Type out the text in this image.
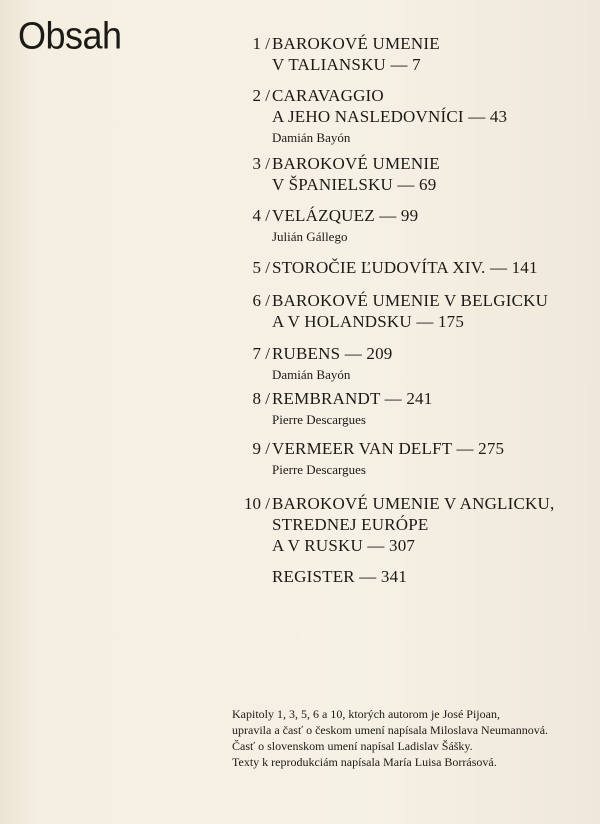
Obsah	1 / BAROKOVÉ UMENIE
V TALIANSKU — 7
2 / CARAVAGGIO
A JEHO NASLEDOVNÍCI — 43
Damián Bayón
3 / BAROKOVÉ UMENIE
V ŠPANIELSKU — 69
4 / VELÁZQUEZ — 99
Julián Gállego
5 / STOROČIE ĽUDOVÍTA XIV. — 141
6 / BAROKOVÉ UMENIE V BELGICKU
A V HOLANDSKU — 175
7 / RUBENS — 209
Damián Bayón
8 / REMBRANDT — 241
Pierre Descargues
9 / VERMEER VAN DELFT — 275
Pierre Descargues
10 / BAROKOVÉ UMENIE V ANGLICKU,
STREDNEJ EURÓPE
A V RUSKU — 307
REGISTER — 341
Kapitoly 1, 3, 5, 6 a 10, ktorých autorom je José Pijoan,
upravila a časť o českom umení napísala Miloslava Neumannová.
Časť o slovenskom umení napísal Ladislav Šášky.
Texty k reprodukciám napísala María Luisa Borrásová.
